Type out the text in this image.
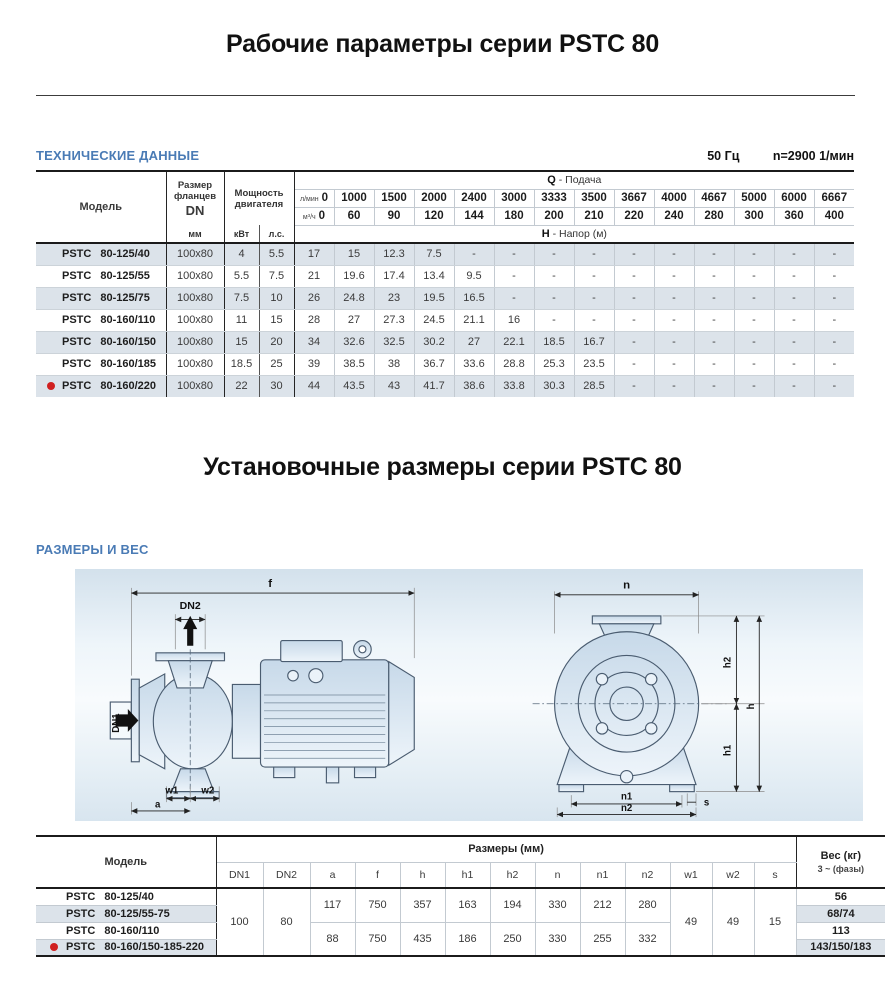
Рабочие параметры серии PSTC 80
ТЕХНИЧЕСКИЕ ДАННЫЕ	50 Гц	n=2900 1/мин
Модель	
Размер
фланцев
DN

Мощность
двигателя
	Q - Подача
				л/мин 0	1000	1500	2000	2400	3000	3333	3500	3667	4000	4667	5000	6000	6667
				м³/ч 0	60	90	120	144	180	200	210	220	240	280	300	360	400
	мм	кВт	л.с.	H - Напор (м)													
PSTC 80-125/40	100x80	4	5.5	17	15	12.3	7.5	-	-	-	-	-	-	-	-	-	-
PSTC 80-125/55	100x80	5.5	7.5	21	19.6	17.4	13.4	9.5	-	-	-	-	-	-	-	-	-
PSTC 80-125/75	100x80	7.5	10	26	24.8	23	19.5	16.5	-	-	-	-	-	-	-	-	-
PSTC 80-160/110	100x80	11	15	28	27	27.3	24.5	21.1	16	-	-	-	-	-	-	-	-
PSTC 80-160/150	100x80	15	20	34	32.6	32.5	30.2	27	22.1	18.5	16.7	-	-	-	-	-	-
PSTC 80-160/185	100x80	18.5	25	39	38.5	38	36.7	33.6	28.8	25.3	23.5	-	-	-	-	-	-

PSTC 80-160/220	100x80	22	30	44	43.5	43	41.7	38.6	33.8	30.3	28.5	-	-	-	-	-	-
Установочные размеры серии PSTC 80
РАЗМЕРЫ И ВЕС
f
DN2
DN1
w1 w2
a
n
h2
h1
h
s
n1
n2
Модель	Размеры (мм)													Вес (кг)
3 ~ (фазы)

	DN1	DN2	a	f	h	h1	h2	n	n1	n2	w1	w2	s	
PSTC 80-125/40	100	80	117	750	357	163	194	330	212	280	49	49	15	56
PSTC 80-125/55-75														68/74
PSTC 80-160/110			88	750	435	186	250	330	255	332				113

PSTC 80-160/150-185-220														143/150/183
